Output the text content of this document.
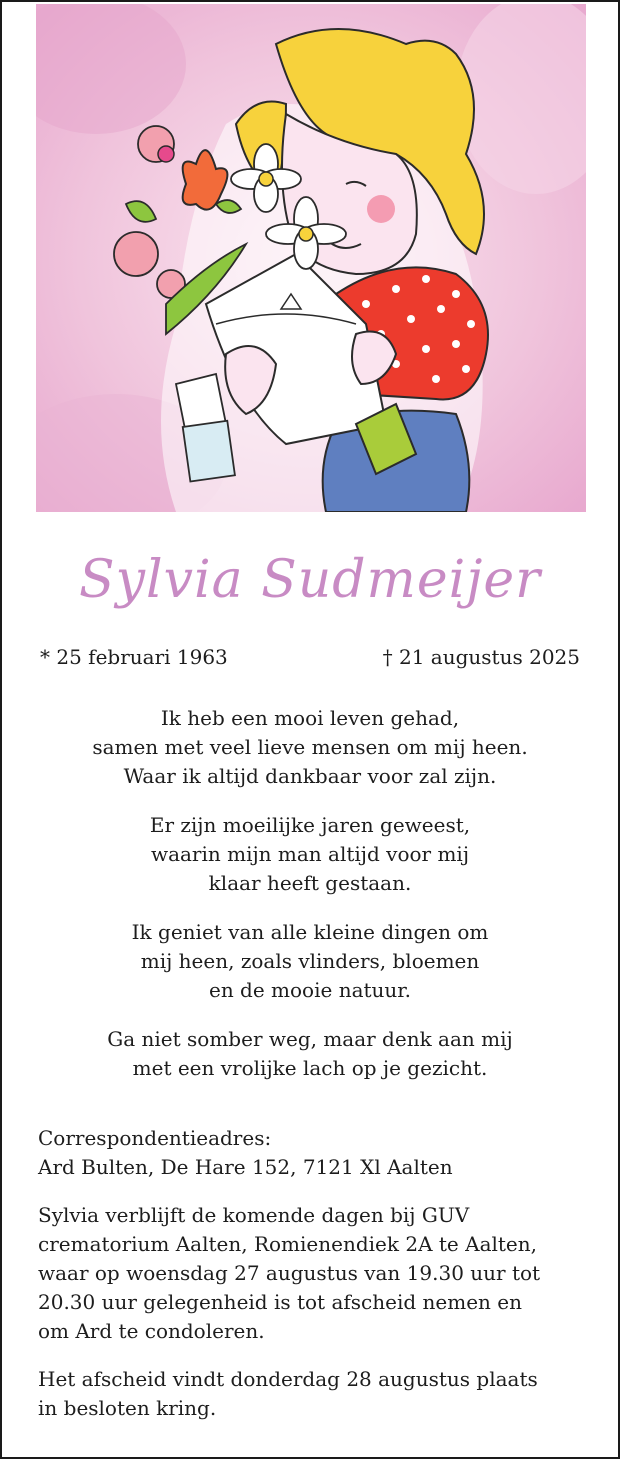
Sylvia Sudmeijer
* 25 februari 1963	† 21 augustus 2025
Ik heb een mooi leven gehad,
samen met veel lieve mensen om mij heen.
Waar ik altijd dankbaar voor zal zijn.
Er zijn moeilijke jaren geweest,
waarin mijn man altijd voor mij
klaar heeft gestaan.
Ik geniet van alle kleine dingen om
mij heen, zoals vlinders, bloemen
en de mooie natuur.
Ga niet somber weg, maar denk aan mij
met een vrolijke lach op je gezicht.
Correspondentieadres:
Ard Bulten, De Hare 152, 7121 Xl Aalten
Sylvia verblijft de komende dagen bij GUV
crematorium Aalten, Romienendiek 2A te Aalten,
waar op woensdag 27 augustus van 19.30 uur tot
20.30 uur gelegenheid is tot afscheid nemen en
om Ard te condoleren.
Het afscheid vindt donderdag 28 augustus plaats
in besloten kring.
